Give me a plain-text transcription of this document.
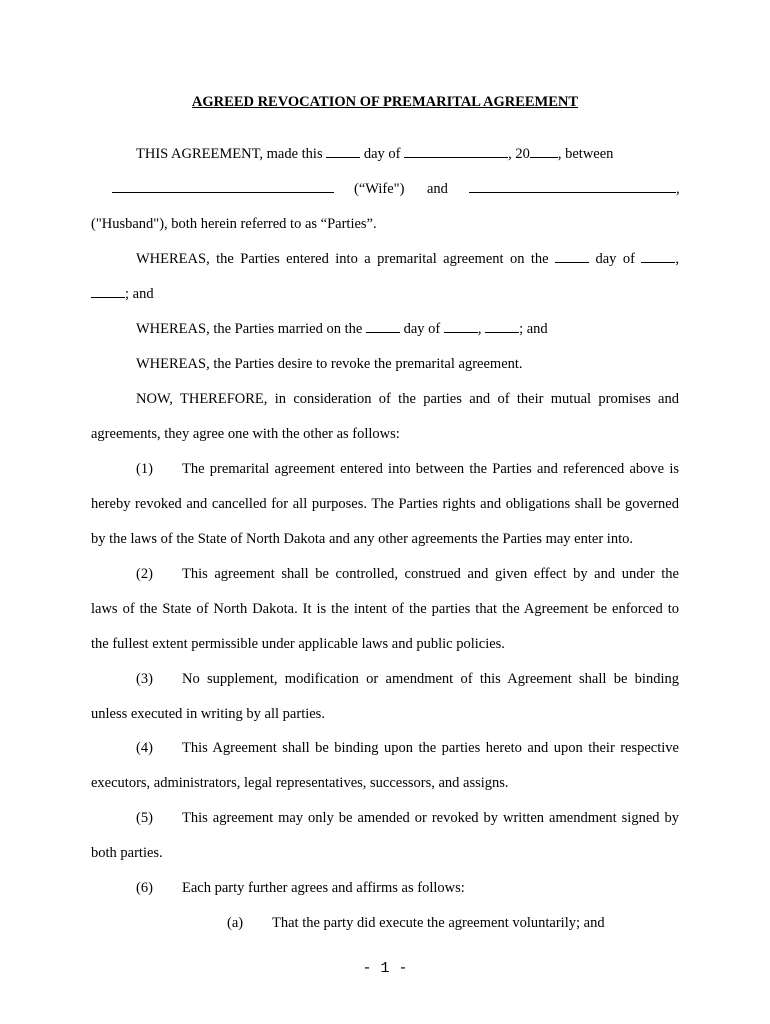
AGREED REVOCATION OF PREMARITAL AGREEMENT
THIS AGREEMENT, made this	day of	, 20 , between
(“Wife") and	,
("Husband"), both herein referred to as “Parties”.
WHEREAS, the Parties entered into a premarital agreement on the	day of	,
; and
WHEREAS, the Parties married on the	day of	,	; and
WHEREAS, the Parties desire to revoke the premarital agreement.
NOW, THEREFORE, in consideration of the parties and of their mutual promises and
agreements, they agree one with the other as follows:
(1) The premarital agreement entered into between the Parties and referenced above is
hereby revoked and cancelled for all purposes. The Parties rights and obligations shall be governed
by the laws of the State of North Dakota and any other agreements the Parties may enter into.
(2) This agreement shall be controlled, construed and given effect by and under the
laws of the State of North Dakota. It is the intent of the parties that the Agreement be enforced to
the fullest extent permissible under applicable laws and public policies.
(3) No supplement, modification or amendment of this Agreement shall be binding
unless executed in writing by all parties.
(4) This Agreement shall be binding upon the parties hereto and upon their respective
executors, administrators, legal representatives, successors, and assigns.
(5) This agreement may only be amended or revoked by written amendment signed by
both parties.
(6) Each party further agrees and affirms as follows:
(a) That the party did execute the agreement voluntarily; and
- 1 -
